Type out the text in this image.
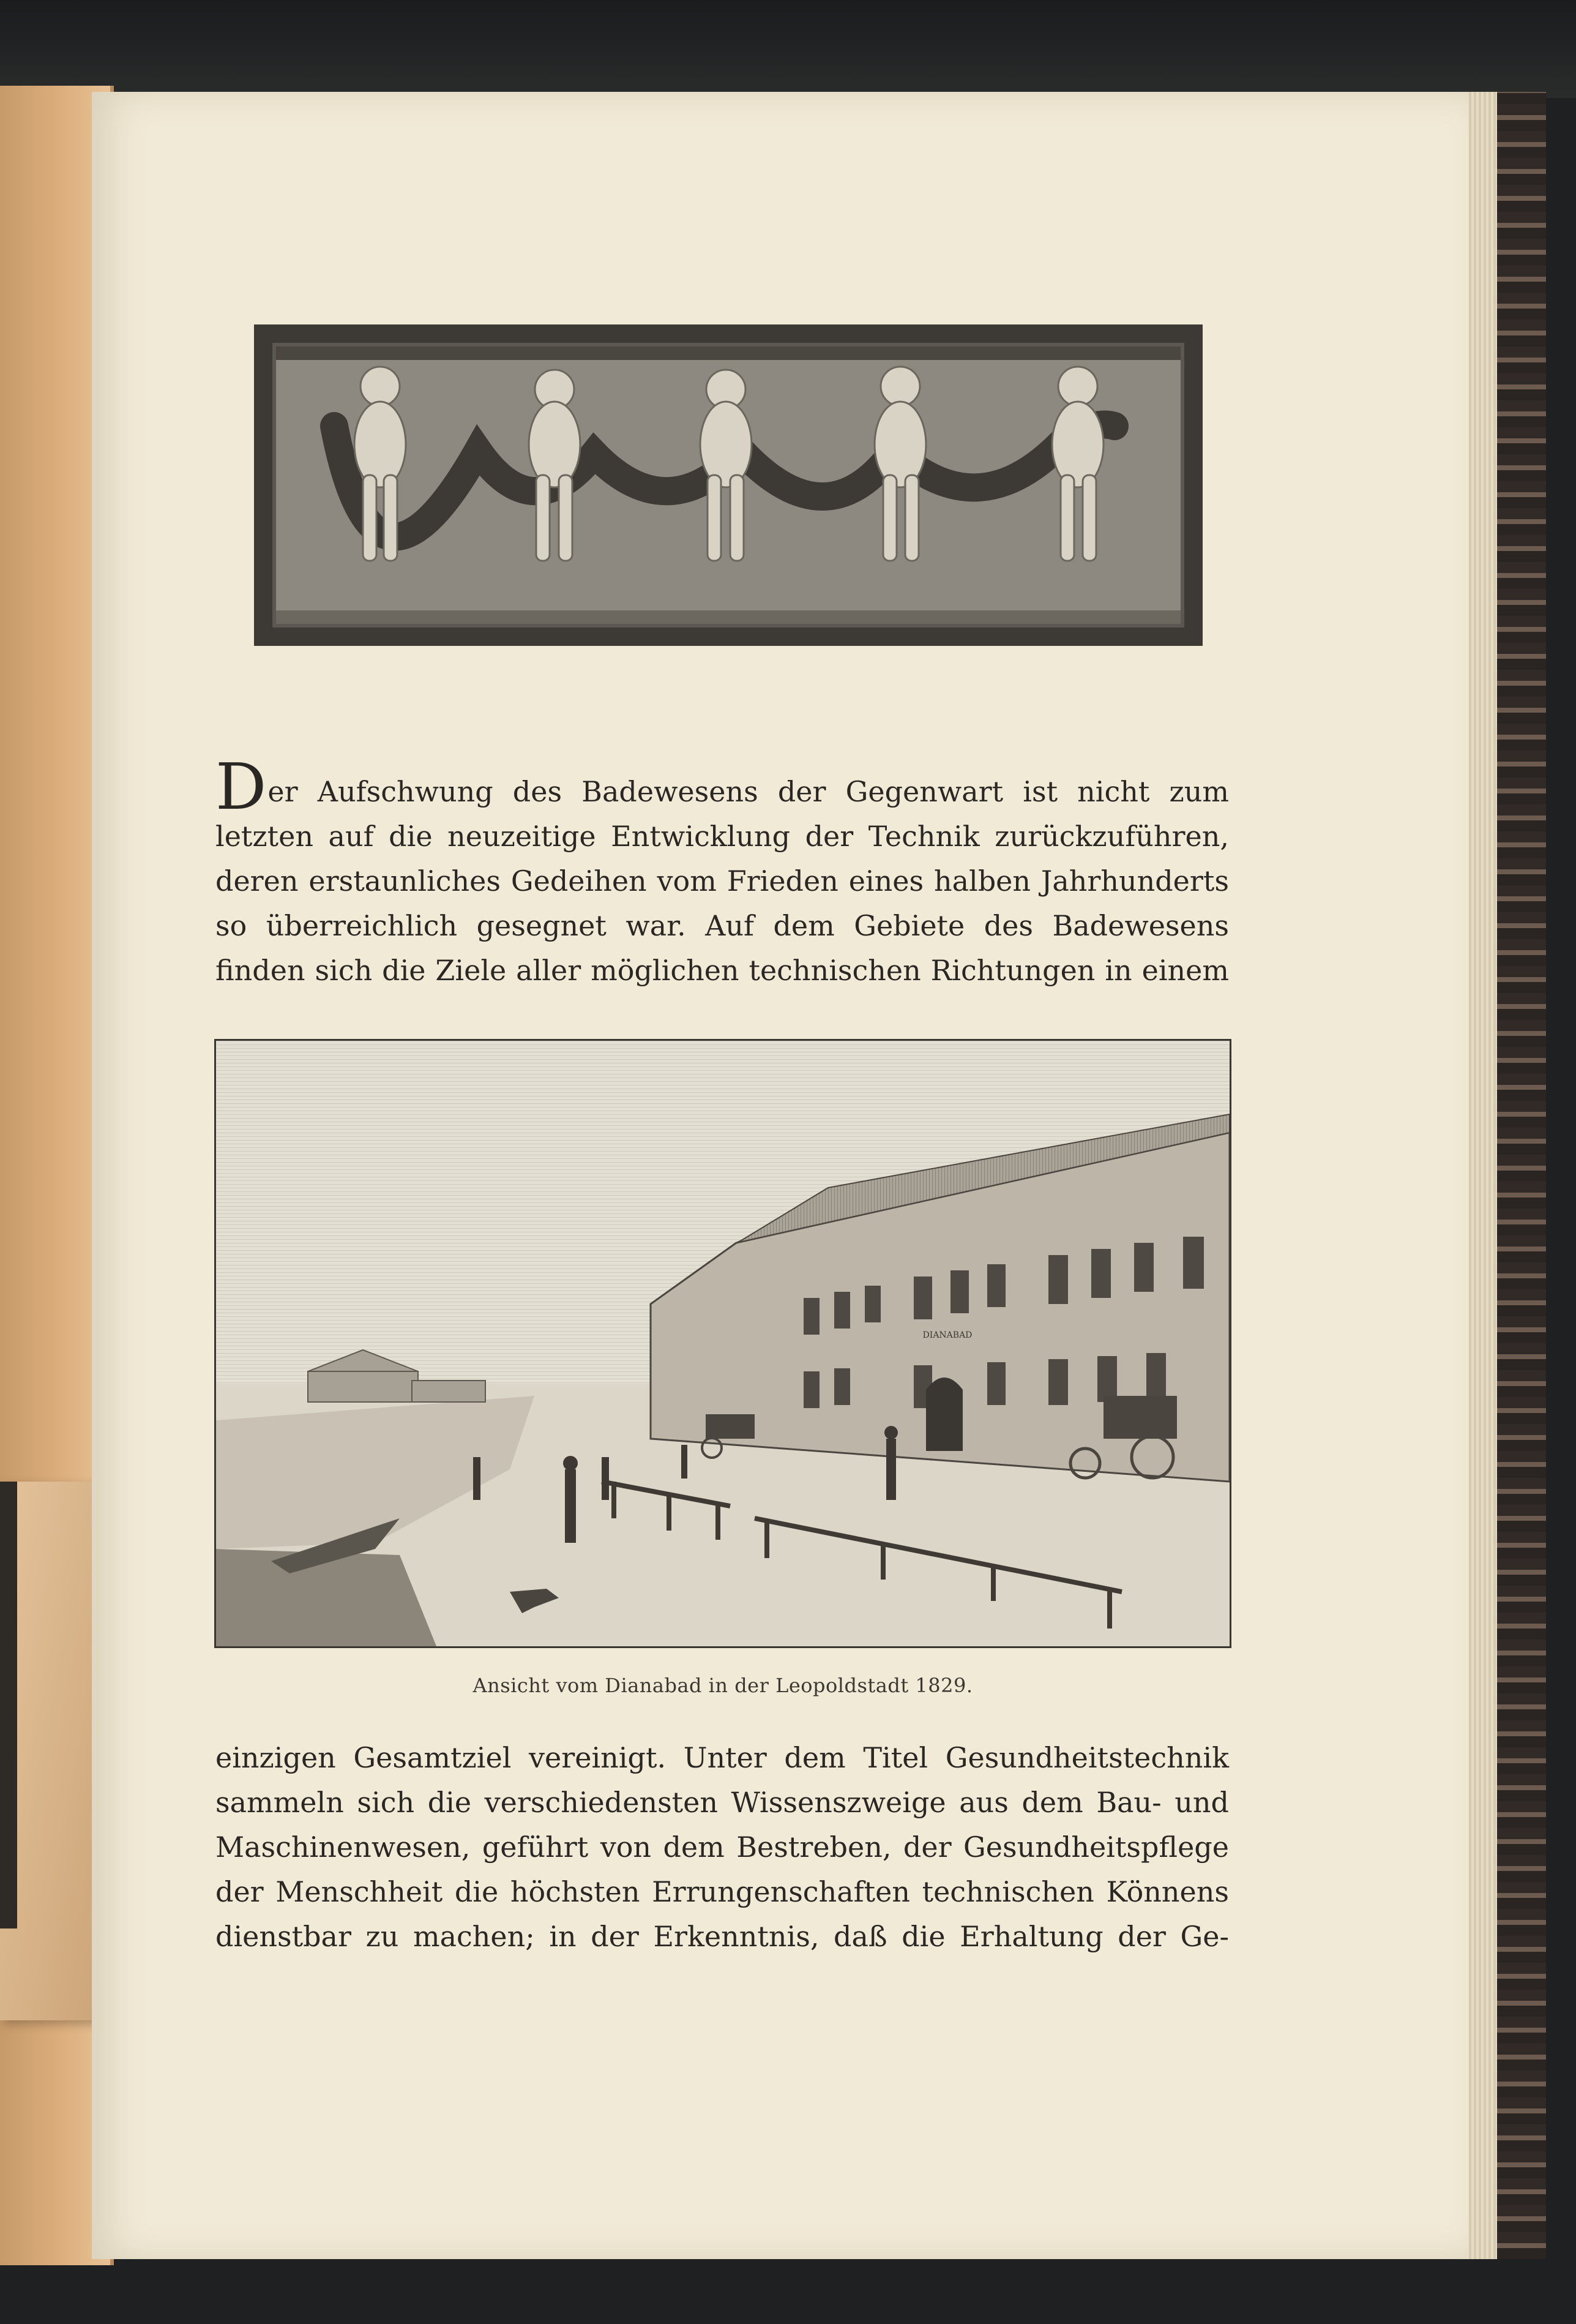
Der Aufschwung des Badewesens der Gegenwart ist nicht zum
letzten auf die neuzeitige Entwicklung der Technik zurückzuführen,
deren erstaunliches Gedeihen vom Frieden eines halben Jahrhunderts
so überreichlich gesegnet war. Auf dem Gebiete des Badewesens
finden sich die Ziele aller möglichen technischen Richtungen in einem
DIANABAD
Ansicht vom Dianabad in der Leopoldstadt 1829.
einzigen Gesamtziel vereinigt. Unter dem Titel Gesundheitstechnik
sammeln sich die verschiedensten Wissenszweige aus dem Bau- und
Maschinenwesen, geführt von dem Bestreben, der Gesundheitspflege
der Menschheit die höchsten Errungenschaften technischen Könnens
dienstbar zu machen; in der Erkenntnis, daß die Erhaltung der Ge-
